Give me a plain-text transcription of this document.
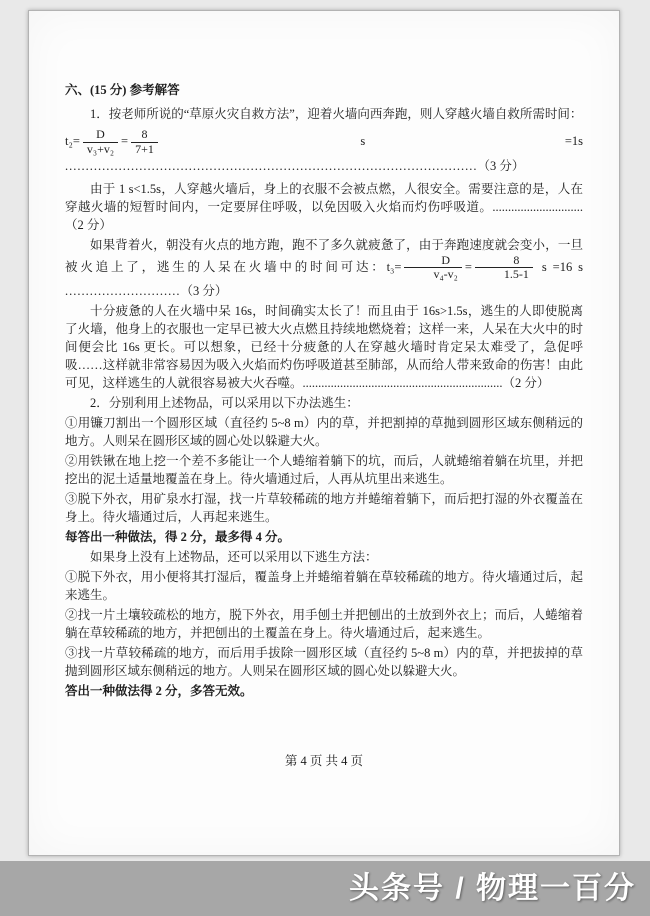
六、(15 分) 参考解答

1．按老师所说的“草原火灾自救方法”，迎着火墙向西奔跑，则人穿越火墙自救所需时间：

$t_2= \frac{D}{\text{v₃+v₂}} = \frac{8}{7+1}$	s =1s ....................................................................................................（3 分）

由于 1 s<1.5s，人穿越火墙后，身上的衣服不会被点燃，人很安全。需要注意的是，人在穿越火墙的短暂时间内，一定要屏住呼吸，以免因吸入火焰而灼伤呼吸道。.............................（2 分）

如果背着火，朝没有火点的地方跑，跑不了多久就疲惫了，由于奔跑速度就会变小，一旦被火追上了，逃生的人呆在火墙中的时间可达：$t_3= \frac{D}{\text{v₄-v₂}} = \frac{8}{1.5-1}$ s =16 s ............................（3 分）

十分疲惫的人在火墙中呆 16s，时间确实太长了！而且由于 16s>1.5s，逃生的人即使脱离了火墙，他身上的衣服也一定早已被大火点燃且持续地燃烧着；这样一来，人呆在大火中的时间便会比 16s 更长。可以想象，已经十分疲惫的人在穿越火墙时肯定呆太难受了，急促呼吸……这样就非常容易因为吸入火焰而灼伤呼吸道甚至肺部，从而给人带来致命的伤害！由此可见，这样逃生的人就很容易被大火吞噬。................................................................（2 分）

2．分别利用上述物品，可以采用以下办法逃生：

①用镰刀割出一个圆形区域（直径约 5~8 m）内的草，并把割掉的草抛到圆形区域东侧稍远的地方。人则呆在圆形区域的圆心处以躲避大火。

②用铁锹在地上挖一个差不多能让一个人蜷缩着躺下的坑，而后，人就蜷缩着躺在坑里，并把挖出的泥土适量地覆盖在身上。待火墙通过后，人再从坑里出来逃生。

③脱下外衣，用矿泉水打湿，找一片草较稀疏的地方并蜷缩着躺下，而后把打湿的外衣覆盖在身上。待火墙通过后，人再起来逃生。

每答出一种做法，得 2 分，最多得 4 分。

如果身上没有上述物品，还可以采用以下逃生方法：

①脱下外衣，用小便将其打湿后，覆盖身上并蜷缩着躺在草较稀疏的地方。待火墙通过后，起来逃生。

②找一片土壤较疏松的地方，脱下外衣，用手刨土并把刨出的土放到外衣上；而后，人蜷缩着躺在草较稀疏的地方，并把刨出的土覆盖在身上。待火墙通过后，起来逃生。

③找一片草较稀疏的地方，而后用手拔除一圆形区域（直径约 5~8 m）内的草，并把拔掉的草抛到圆形区域东侧稍远的地方。人则呆在圆形区域的圆心处以躲避大火。

答出一种做法得 2 分，多答无效。

第 4 页 共 4 页
头条号 / 物理一百分
